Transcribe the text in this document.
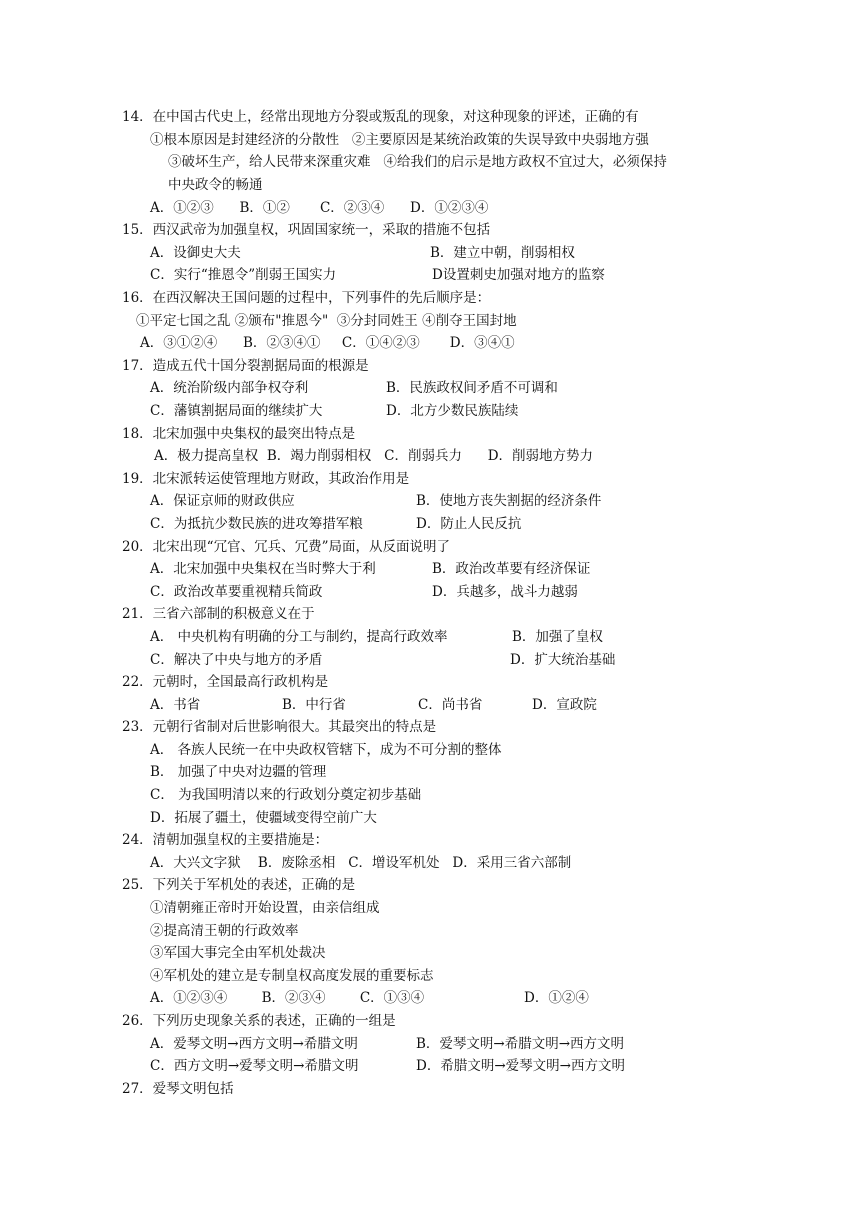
14．在中国古代史上，经常出现地方分裂或叛乱的现象，对这种现象的评述，正确的有
①根本原因是封建经济的分散性   ②主要原因是某统治政策的失误导致中央弱地方强
③破坏生产，给人民带来深重灾难   ④给我们的启示是地方政权不宜过大，必须保持
中央政令的畅通
A．①②③      B．①②       C．②③④      D．①②③④
15．西汉武帝为加强皇权，巩固国家统一，采取的措施不包括
A．设御史大夫	B．建立中朝，削弱相权
C．实行“推恩令”削弱王国实力	D设置刺史加强对地方的监察
16．在西汉解决王国问题的过程中，下列事件的先后顺序是：
①平定七国之乱 ②颁布"推恩今"  ③分封同姓王 ④削夺王国封地
A．③①②④      B．②③④①     C．①④②③       D．③④①
17．造成五代十国分裂割据局面的根源是
A．统治阶级内部争权夺利	B．民族政权间矛盾不可调和
C．藩镇割据局面的继续扩大	D．北方少数民族陆续
18．北宋加强中央集权的最突出特点是
A．极力提高皇权  B．竭力削弱相权   C．削弱兵力      D．削弱地方势力
19．北宋派转运使管理地方财政，其政治作用是
A．保证京师的财政供应	B．使地方丧失割据的经济条件
C．为抵抗少数民族的进攻筹措军粮	D．防止人民反抗
20．北宋出现“冗官、冗兵、冗费”局面，从反面说明了
A．北宋加强中央集权在当时弊大于利	B．政治改革要有经济保证
C．政治改革要重视精兵简政	D．兵越多，战斗力越弱
21．三省六部制的积极意义在于
A． 中央机构有明确的分工与制约，提高行政效率	B．加强了皇权
C．解决了中央与地方的矛盾	D．扩大统治基础
22．元朝时，全国最高行政机构是
A．书省	B．中行省	C．尚书省	D．宣政院
23．元朝行省制对后世影响很大。其最突出的特点是
A． 各族人民统一在中央政权管辖下，成为不可分割的整体
B． 加强了中央对边疆的管理
C． 为我国明清以来的行政划分奠定初步基础
D．拓展了疆土，使疆域变得空前广大
24．清朝加强皇权的主要措施是：
A．大兴文字狱    B．废除丞相   C．增设军机处   D．采用三省六部制
25．下列关于军机处的表述，正确的是
①清朝雍正帝时开始设置，由亲信组成
②提高清王朝的行政效率
③军国大事完全由军机处裁决
④军机处的建立是专制皇权高度发展的重要标志
A．①②③④        B．②③④        C．①③④	D．①②④
26．下列历史现象关系的表述，正确的一组是
A．爱琴文明→西方文明→希腊文明	B．爱琴文明→希腊文明→西方文明
C．西方文明→爱琴文明→希腊文明	D．希腊文明→爱琴文明→西方文明
27．爱琴文明包括
